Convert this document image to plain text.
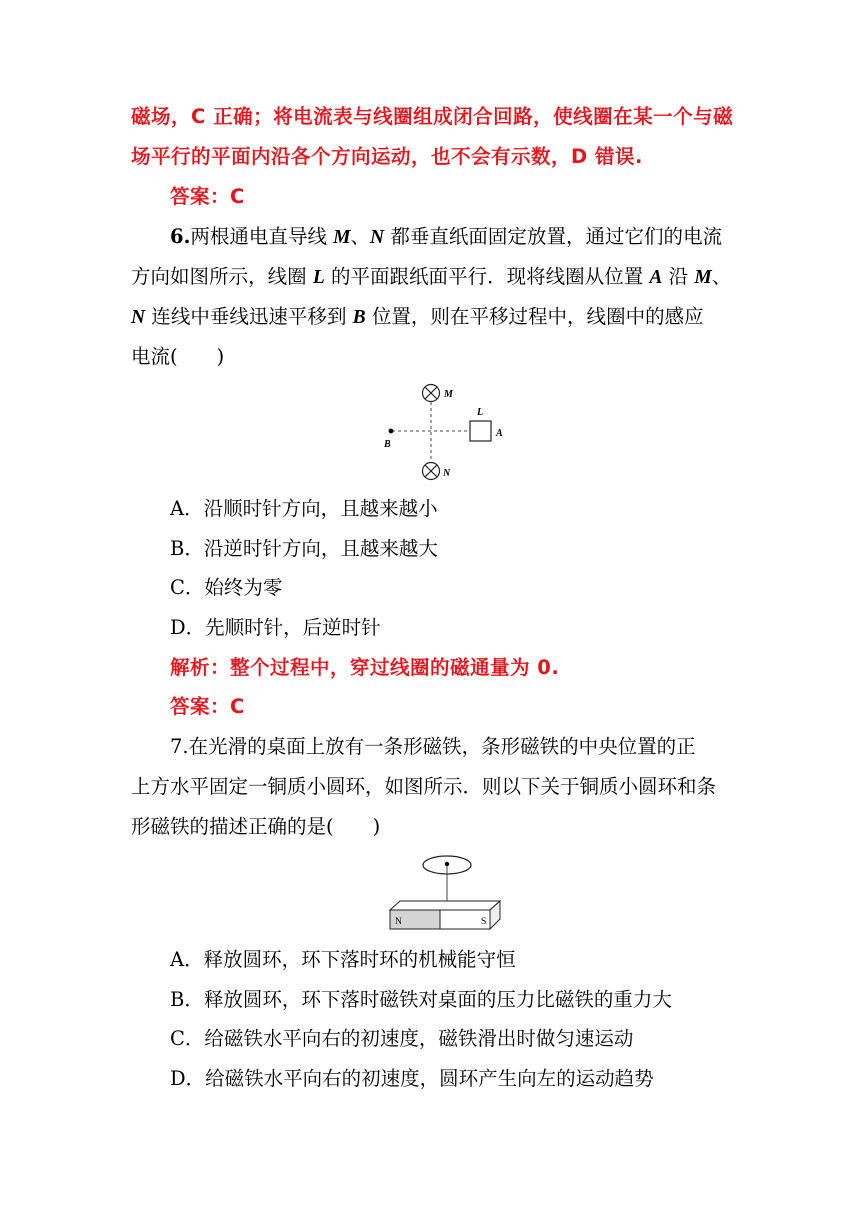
磁场，C 正确；将电流表与线圈组成闭合回路，使线圈在某一个与磁
场平行的平面内沿各个方向运动，也不会有示数，D 错误.
答案：C
6.两根通电直导线 M、N 都垂直纸面固定放置，通过它们的电流
方向如图所示，线圈 L 的平面跟纸面平行．现将线圈从位置 A 沿 M、
N 连线中垂线迅速平移到 B 位置，则在平移过程中，线圈中的感应
电流(　　)
M
N
B
L
A
A．沿顺时针方向，且越来越小
B．沿逆时针方向，且越来越大
C．始终为零
D．先顺时针，后逆时针
解析：整个过程中，穿过线圈的磁通量为 0.
答案：C
7.在光滑的桌面上放有一条形磁铁，条形磁铁的中央位置的正
上方水平固定一铜质小圆环，如图所示．则以下关于铜质小圆环和条
形磁铁的描述正确的是(　　)
N	S
A．释放圆环，环下落时环的机械能守恒
B．释放圆环，环下落时磁铁对桌面的压力比磁铁的重力大
C．给磁铁水平向右的初速度，磁铁滑出时做匀速运动
D．给磁铁水平向右的初速度，圆环产生向左的运动趋势
